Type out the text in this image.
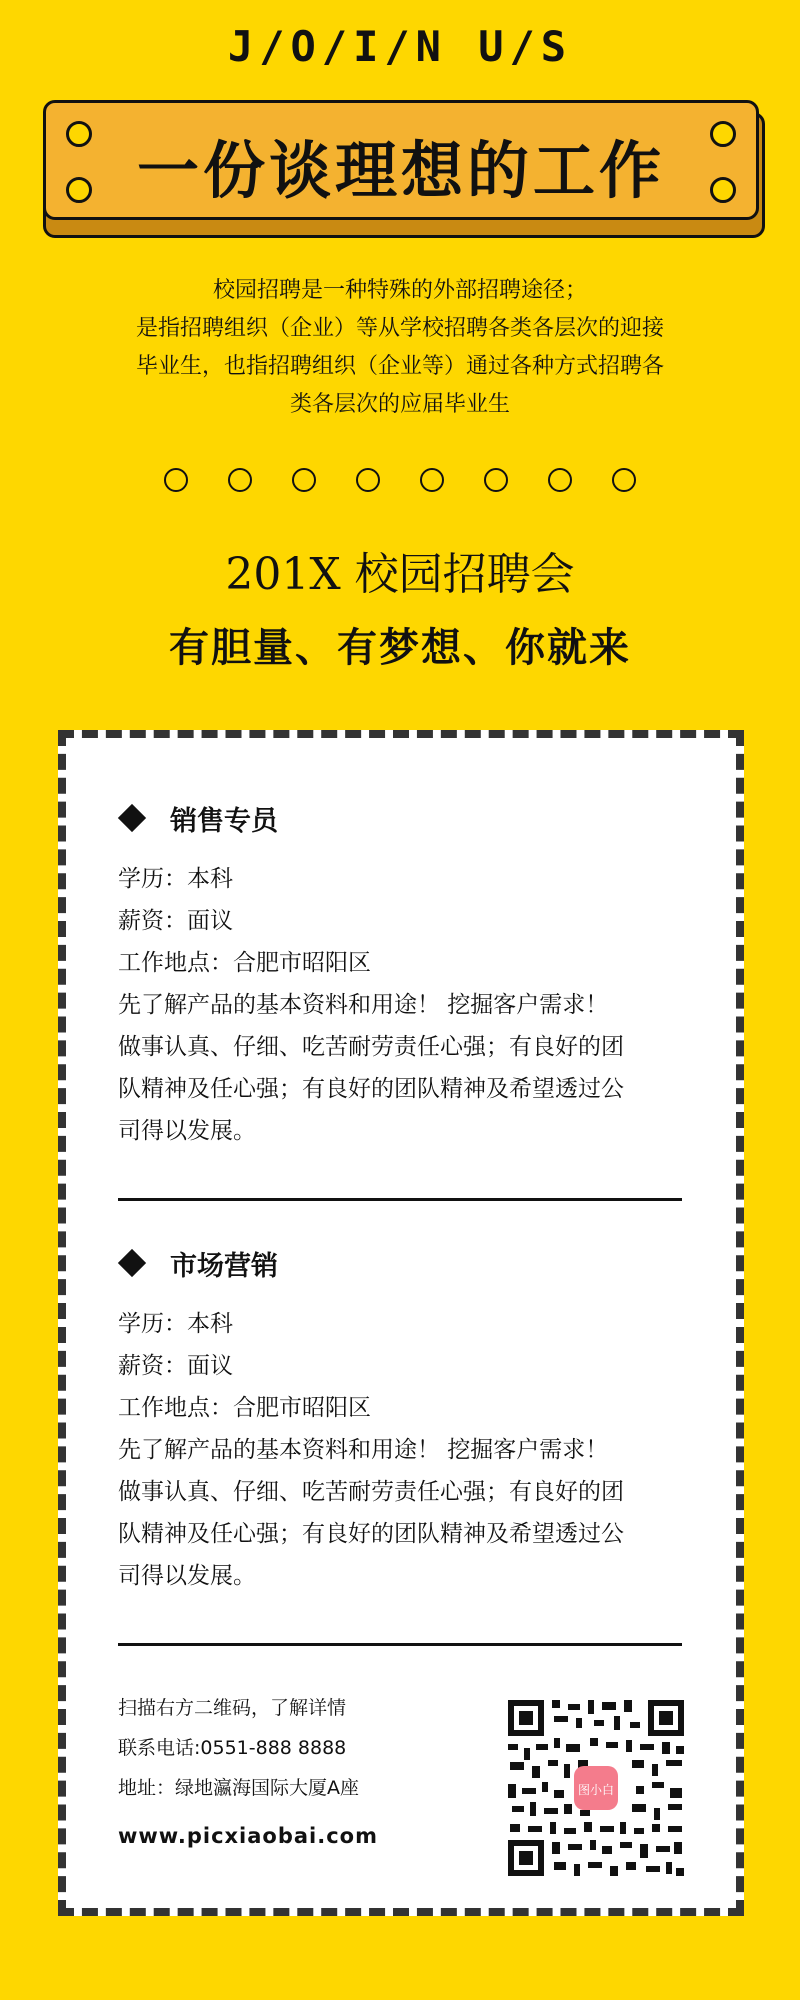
J/O/I/N U/S
一份谈理想的工作
校园招聘是一种特殊的外部招聘途径；
是指招聘组织（企业）等从学校招聘各类各层次的迎接
毕业生，也指招聘组织（企业等）通过各种方式招聘各
类各层次的应届毕业生
201X 校园招聘会
有胆量、有梦想、你就来
销售专员
学历：本科
薪资：面议
工作地点：合肥市昭阳区
先了解产品的基本资料和用途！ 挖掘客户需求！
做事认真、仔细、吃苦耐劳责任心强；有良好的团
队精神及任心强；有良好的团队精神及希望透过公
司得以发展。
市场营销
学历：本科
薪资：面议
工作地点：合肥市昭阳区
先了解产品的基本资料和用途！ 挖掘客户需求！
做事认真、仔细、吃苦耐劳责任心强；有良好的团
队精神及任心强；有良好的团队精神及希望透过公
司得以发展。
扫描右方二维码，了解详情
联系电话:0551-888 8888
地址：绿地瀛海国际大厦A座
www.picxiaobai.com
图小白
